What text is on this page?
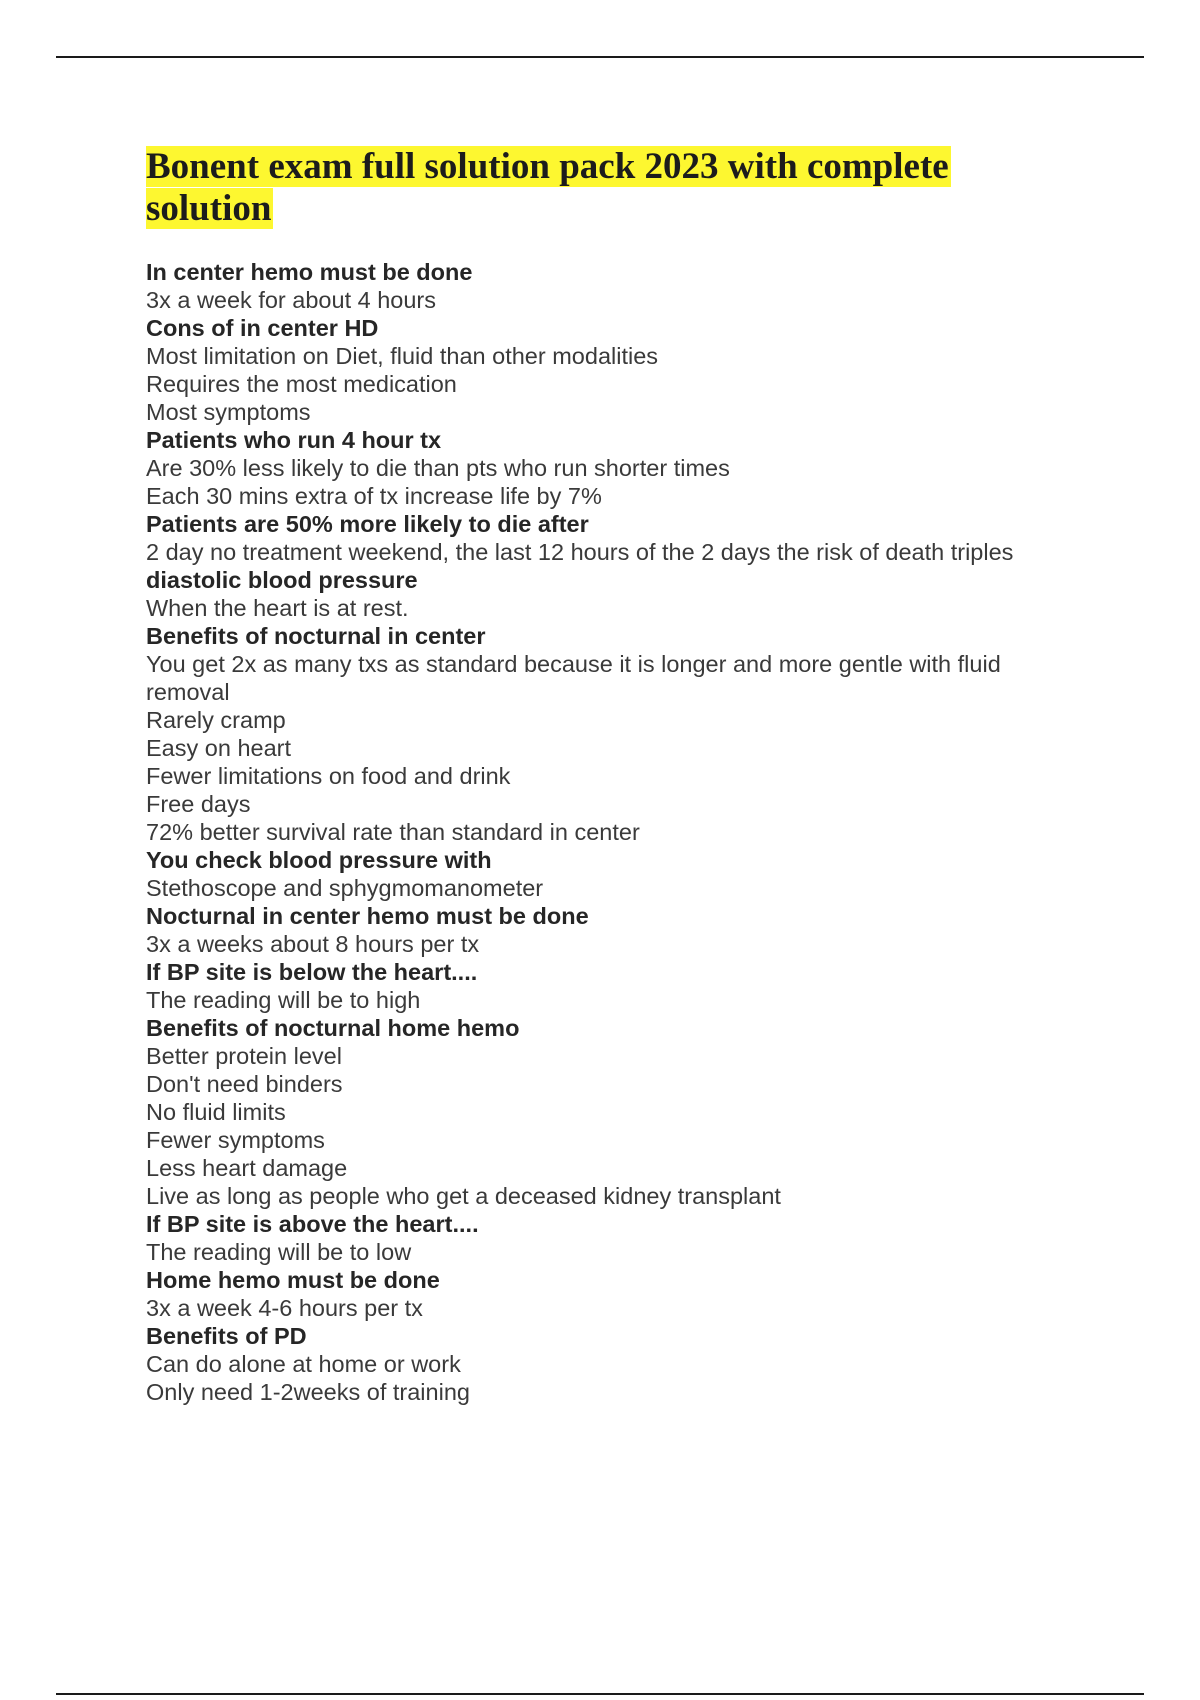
Bonent exam full solution pack 2023 with complete solution
In center hemo must be done
3x a week for about 4 hours
Cons of in center HD
Most limitation on Diet, fluid than other modalities
Requires the most medication
Most symptoms
Patients who run 4 hour tx
Are 30% less likely to die than pts who run shorter times
Each 30 mins extra of tx increase life by 7%
Patients are 50% more likely to die after
2 day no treatment weekend, the last 12 hours of the 2 days the risk of death triples
diastolic blood pressure
When the heart is at rest.
Benefits of nocturnal in center
You get 2x as many txs as standard because it is longer and more gentle with fluid removal
Rarely cramp
Easy on heart
Fewer limitations on food and drink
Free days
72% better survival rate than standard in center
You check blood pressure with
Stethoscope and sphygmomanometer
Nocturnal in center hemo must be done
3x a weeks about 8 hours per tx
If BP site is below the heart....
The reading will be to high
Benefits of nocturnal home hemo
Better protein level
Don't need binders
No fluid limits
Fewer symptoms
Less heart damage
Live as long as people who get a deceased kidney transplant
If BP site is above the heart....
The reading will be to low
Home hemo must be done
3x a week 4-6 hours per tx
Benefits of PD
Can do alone at home or work
Only need 1-2weeks of training
